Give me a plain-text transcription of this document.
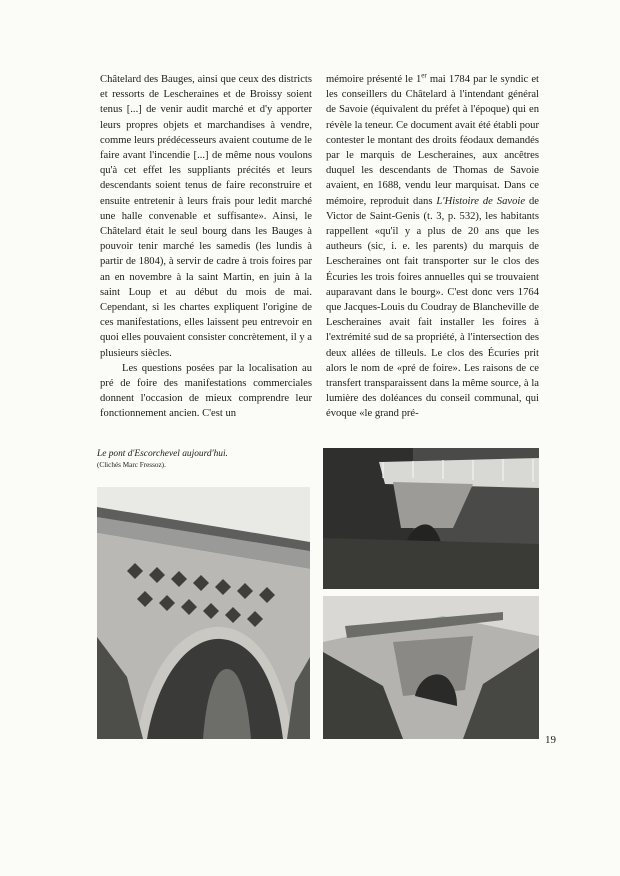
Châtelard des Bauges, ainsi que ceux des districts et ressorts de Lescheraines et de Broissy soient tenus [...] de venir audit marché et d'y apporter leurs propres objets et marchandises à vendre, comme leurs prédécesseurs avaient coutume de le faire avant l'incendie [...] de même nous voulons qu'à cet effet les suppliants précités et leurs descendants soient tenus de faire reconstruire et ensuite entretenir à leurs frais pour ledit marché une halle convenable et suffisante». Ainsi, le Châtelard était le seul bourg dans les Bauges à pouvoir tenir marché les samedis (les lundis à partir de 1804), à servir de cadre à trois foires par an en novembre à la saint Martin, en juin à la saint Loup et au début du mois de mai. Cependant, si les chartes expliquent l'origine de ces manifestations, elles laissent peu entrevoir en quoi elles pouvaient consister concrètement, il y a plusieurs siècles.

Les questions posées par la localisation au pré de foire des manifestations commerciales donnent l'occasion de mieux comprendre leur fonctionnement ancien. C'est un

mémoire présenté le 1er mai 1784 par le syndic et les conseillers du Châtelard à l'intendant général de Savoie (équivalent du préfet à l'époque) qui en révèle la teneur. Ce document avait été établi pour contester le montant des droits féodaux demandés par le marquis de Lescheraines, aux ancêtres duquel les descendants de Thomas de Savoie avaient, en 1688, vendu leur marquisat. Dans ce mémoire, reproduit dans L'Histoire de Savoie de Victor de Saint-Genis (t. 3, p. 532), les habitants rappellent «qu'il y a plus de 20 ans que les autheurs (sic, i. e. les parents) du marquis de Lescheraines ont fait transporter sur le clos des Écuries les trois foires annuelles qui se trouvaient auparavant dans le bourg». C'est donc vers 1764 que Jacques-Louis du Coudray de Blancheville de Lescheraines avait fait installer les foires à l'extrémité sud de sa propriété, à l'intersection des deux allées de tilleuls. Le clos des Écuries prit alors le nom de «pré de foire». Les raisons de ce transfert transparaissent dans la même source, à la lumière des doléances du conseil communal, qui évoque «le grand pré-

Le pont d'Escorchevel aujourd'hui.
(Clichés Marc Fressoz).
19
